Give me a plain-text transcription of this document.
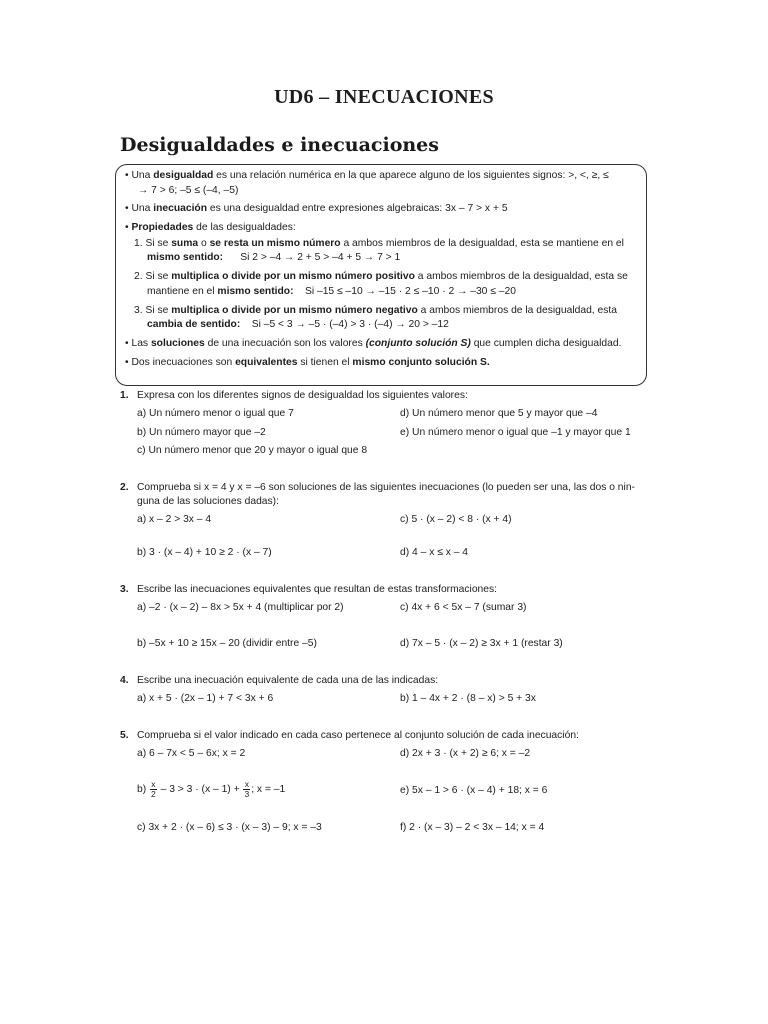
UD6 – INECUACIONES
Desigualdades e inecuaciones

• Una desigualdad es una relación numérica en la que aparece alguno de los siguientes signos: >, <, ≥, ≤
→ 7 > 6; –5 ≤ (–4, –5)

• Una inecuación es una desigualdad entre expresiones algebraicas: 3x – 7 > x + 5

• Propiedades de las desigualdades:

1. Si se suma o se resta un mismo número a ambos miembros de la desigualdad, esta se mantiene en el
mismo sentido:      Si 2 > –4 → 2 + 5 > –4 + 5 → 7 > 1

2. Si se multiplica o divide por un mismo número positivo a ambos miembros de la desigualdad, esta se
mantiene en el mismo sentido:    Si –15 ≤ –10 → –15 · 2 ≤ –10 · 2 → –30 ≤ –20

3. Si se multiplica o divide por un mismo número negativo a ambos miembros de la desigualdad, esta
cambia de sentido:    Si –5 < 3 → –5 · (–4) > 3 · (–4) → 20 > –12

• Las soluciones de una inecuación son los valores (conjunto solución S) que cumplen dicha desigualdad.

• Dos inecuaciones son equivalentes si tienen el mismo conjunto solución S.

1. Expresa con los diferentes signos de desigualdad los siguientes valores:
a) Un número menor o igual que 7
b) Un número mayor que –2
c) Un número menor que 20 y mayor o igual que 8
d) Un número menor que 5 y mayor que –4
e) Un número menor o igual que –1 y mayor que 1
2. Comprueba si x = 4 y x = –6 son soluciones de las siguientes inecuaciones (lo pueden ser una, las dos o nin-
guna de las soluciones dadas):
a) x – 2 > 3x – 4
b) 3 · (x – 4) + 10 ≥ 2 · (x – 7)
c) 5 · (x – 2) < 8 · (x + 4)
d) 4 – x ≤ x – 4
3. Escribe las inecuaciones equivalentes que resultan de estas transformaciones:
a) –2 · (x – 2) – 8x > 5x + 4 (multiplicar por 2)
b) –5x + 10 ≥ 15x – 20 (dividir entre –5)
c) 4x + 6 < 5x – 7 (sumar 3)
d) 7x – 5 · (x – 2) ≥ 3x + 1 (restar 3)
4. Escribe una inecuación equivalente de cada una de las indicadas:
a) x + 5 · (2x – 1) + 7 < 3x + 6	b) 1 – 4x + 2 · (8 – x) > 5 + 3x
5. Comprueba si el valor indicado en cada caso pertenece al conjunto solución de cada inecuación:
a) 6 – 7x < 5 – 6x; x = 2
$b) \frac{x}{2} - 3 > 3 \cdot (x - 1) + \frac{x}{3}$ ; x = –1
c) 3x + 2 · (x – 6) ≤ 3 · (x – 3) – 9; x = –3
d) 2x + 3 · (x + 2) ≥ 6; x = –2
e) 5x – 1 > 6 · (x – 4) + 18; x = 6
f) 2 · (x – 3) – 2 < 3x – 14; x = 4
